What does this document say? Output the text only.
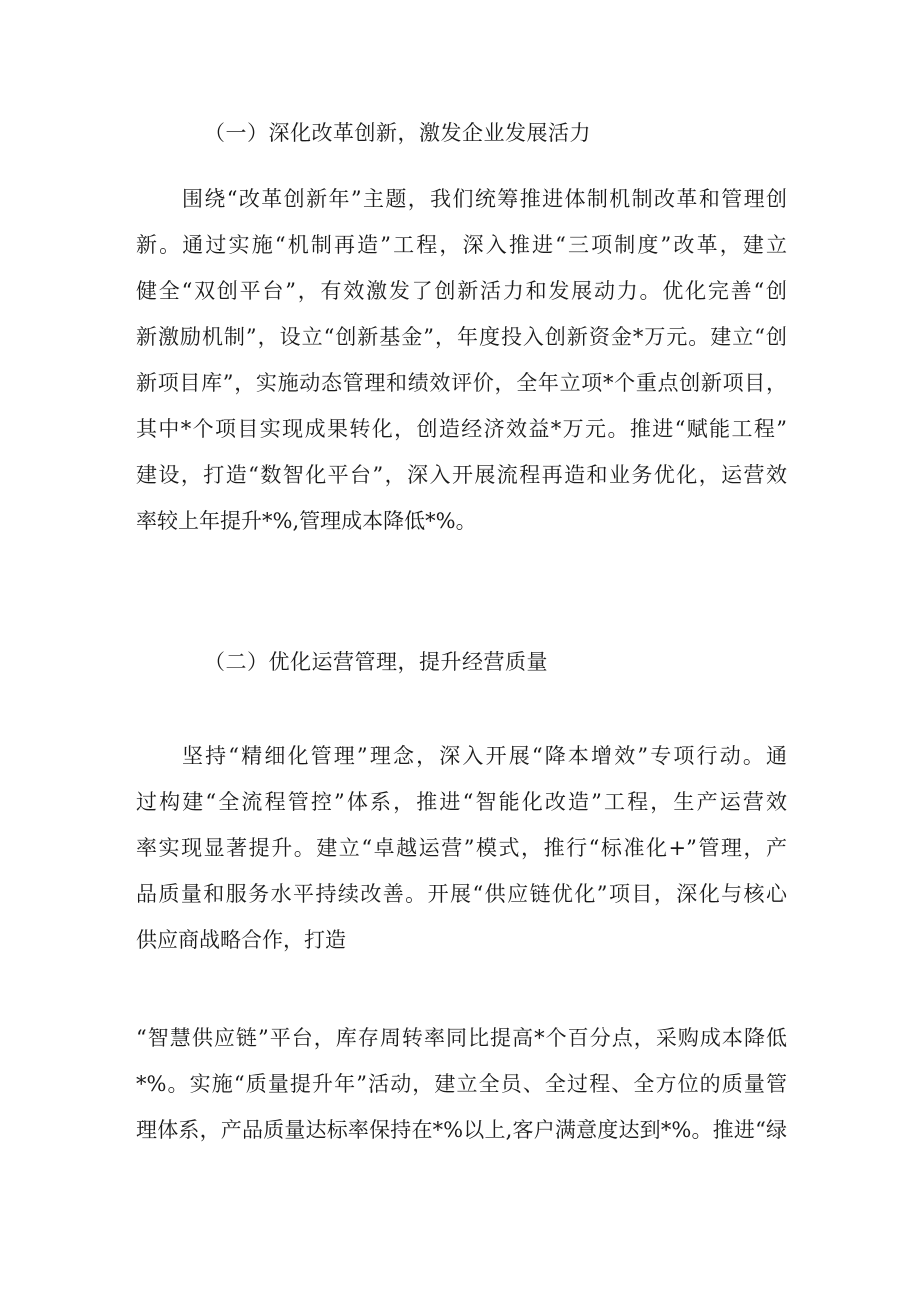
（一）深化改革创新，激发企业发展活力
围绕“改革创新年”主题，我们统筹推进体制机制改革和管理创
新。通过实施“机制再造”工程，深入推进“三项制度”改革，建立
健全“双创平台”，有效激发了创新活力和发展动力。优化完善“创
新激励机制”，设立“创新基金”，年度投入创新资金*万元。建立“创
新项目库”，实施动态管理和绩效评价，全年立项*个重点创新项目，
其中*个项目实现成果转化，创造经济效益*万元。推进“赋能工程”
建设，打造“数智化平台”，深入开展流程再造和业务优化，运营效
率较上年提升*%,管理成本降低*%。
（二）优化运营管理，提升经营质量
坚持“精细化管理”理念，深入开展“降本增效”专项行动。通
过构建“全流程管控”体系，推进“智能化改造”工程，生产运营效
率实现显著提升。建立“卓越运营”模式，推行“标准化+”管理，产
品质量和服务水平持续改善。开展“供应链优化”项目，深化与核心
供应商战略合作，打造
“智慧供应链”平台，库存周转率同比提高*个百分点，采购成本降低
*%。实施“质量提升年”活动，建立全员、全过程、全方位的质量管
理体系，产品质量达标率保持在*%以上,客户满意度达到*%。推进“绿
